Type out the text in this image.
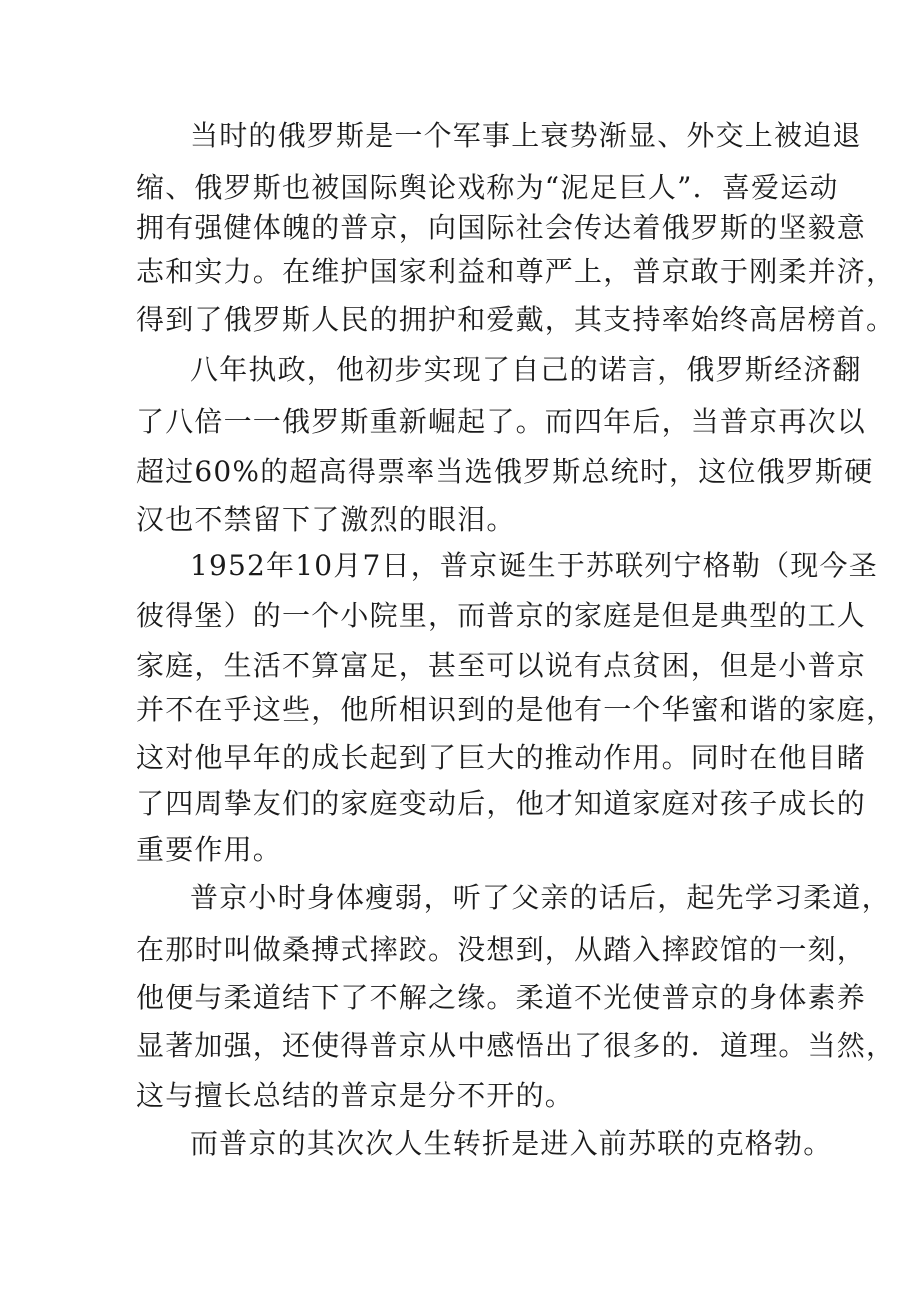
当时的俄罗斯是一个军事上衰势渐显、外交上被迫退

缩、俄罗斯也被国际舆论戏称为“泥足巨人”．喜爱运动

拥有强健体魄的普京，向国际社会传达着俄罗斯的坚毅意

志和实力。在维护国家利益和尊严上，普京敢于刚柔并济，

得到了俄罗斯人民的拥护和爱戴，其支持率始终高居榜首。

八年执政，他初步实现了自己的诺言，俄罗斯经济翻

了八倍一一俄罗斯重新崛起了。而四年后，当普京再次以

超过60%的超高得票率当选俄罗斯总统时，这位俄罗斯硬

汉也不禁留下了激烈的眼泪。

1952年10月7日，普京诞生于苏联列宁格勒（现今圣

彼得堡）的一个小院里，而普京的家庭是但是典型的工人

家庭，生活不算富足，甚至可以说有点贫困，但是小普京

并不在乎这些，他所相识到的是他有一个华蜜和谐的家庭，

这对他早年的成长起到了巨大的推动作用。同时在他目睹

了四周挚友们的家庭变动后，他才知道家庭对孩子成长的

重要作用。

普京小时身体瘦弱，听了父亲的话后，起先学习柔道，

在那时叫做桑搏式摔跤。没想到，从踏入摔跤馆的一刻，

他便与柔道结下了不解之缘。柔道不光使普京的身体素养

显著加强，还使得普京从中感悟出了很多的．道理。当然，

这与擅长总结的普京是分不开的。

而普京的其次次人生转折是进入前苏联的克格勃。
